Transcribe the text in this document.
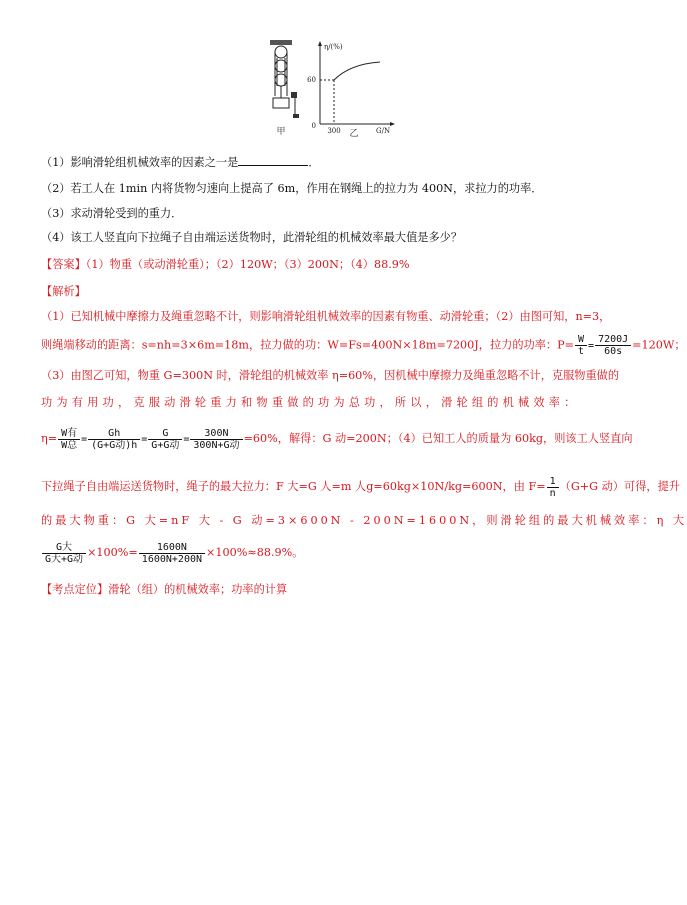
甲
η/(%)
G/N
60
300
0
乙
（1）影响滑轮组机械效率的因素之一是	．
（2）若工人在 1min 内将货物匀速向上提高了 6m，作用在钢绳上的拉力为 400N，求拉力的功率．
（3）求动滑轮受到的重力．
（4）该工人竖直向下拉绳子自由端运送货物时，此滑轮组的机械效率最大值是多少？
【答案】（1）物重（或动滑轮重）；（2）120W；（3）200N；（4）88.9%
【解析】
（1）已知机械中摩擦力及绳重忽略不计，则影响滑轮组机械效率的因素有物重、动滑轮重；（2）由图可知，n=3，
则绳端移动的距离：s=nh=3×6m=18m，拉力做的功：W=Fs=400N×18m=7200J，拉力的功率：$P= \frac{W}{t} = \frac{7200J}{60s} =120W$；
（3）由图乙可知，物重 G=300N 时，滑轮组的机械效率 η=60%，因机械中摩擦力及绳重忽略不计，克服物重做的
功为有用功，克服动滑轮重力和物重做的功为总功，所以，滑轮组的机械效率：
$\eta= \frac{\text{W有}}{\text{W总}} = \frac{Gh}{\text{(G+G动)h}} = \frac{G}{\text{G+G动}} = \frac{300N}{\text{300N+G动}} =60\%$，解得：G 动=200N；（4）已知工人的质量为 60kg，则该工人竖直向
下拉绳子自由端运送货物时，绳子的最大拉力：F 大=G 人=m 人g=60kg×10N/kg=600N，由 $F= \frac{1}{n} (G+G$ 动）可得，提升
的最大物重：G 大=nF 大 - G 动=3×600N - 200N=1600N，则滑轮组的最大机械效率：η 大
$\frac{\text{G大}}{\text{G大+G动}} \times 100\%= \frac{1600N}{1600N+200N} \times 100\%\approx 88.9\%$。
【考点定位】滑轮（组）的机械效率；功率的计算
